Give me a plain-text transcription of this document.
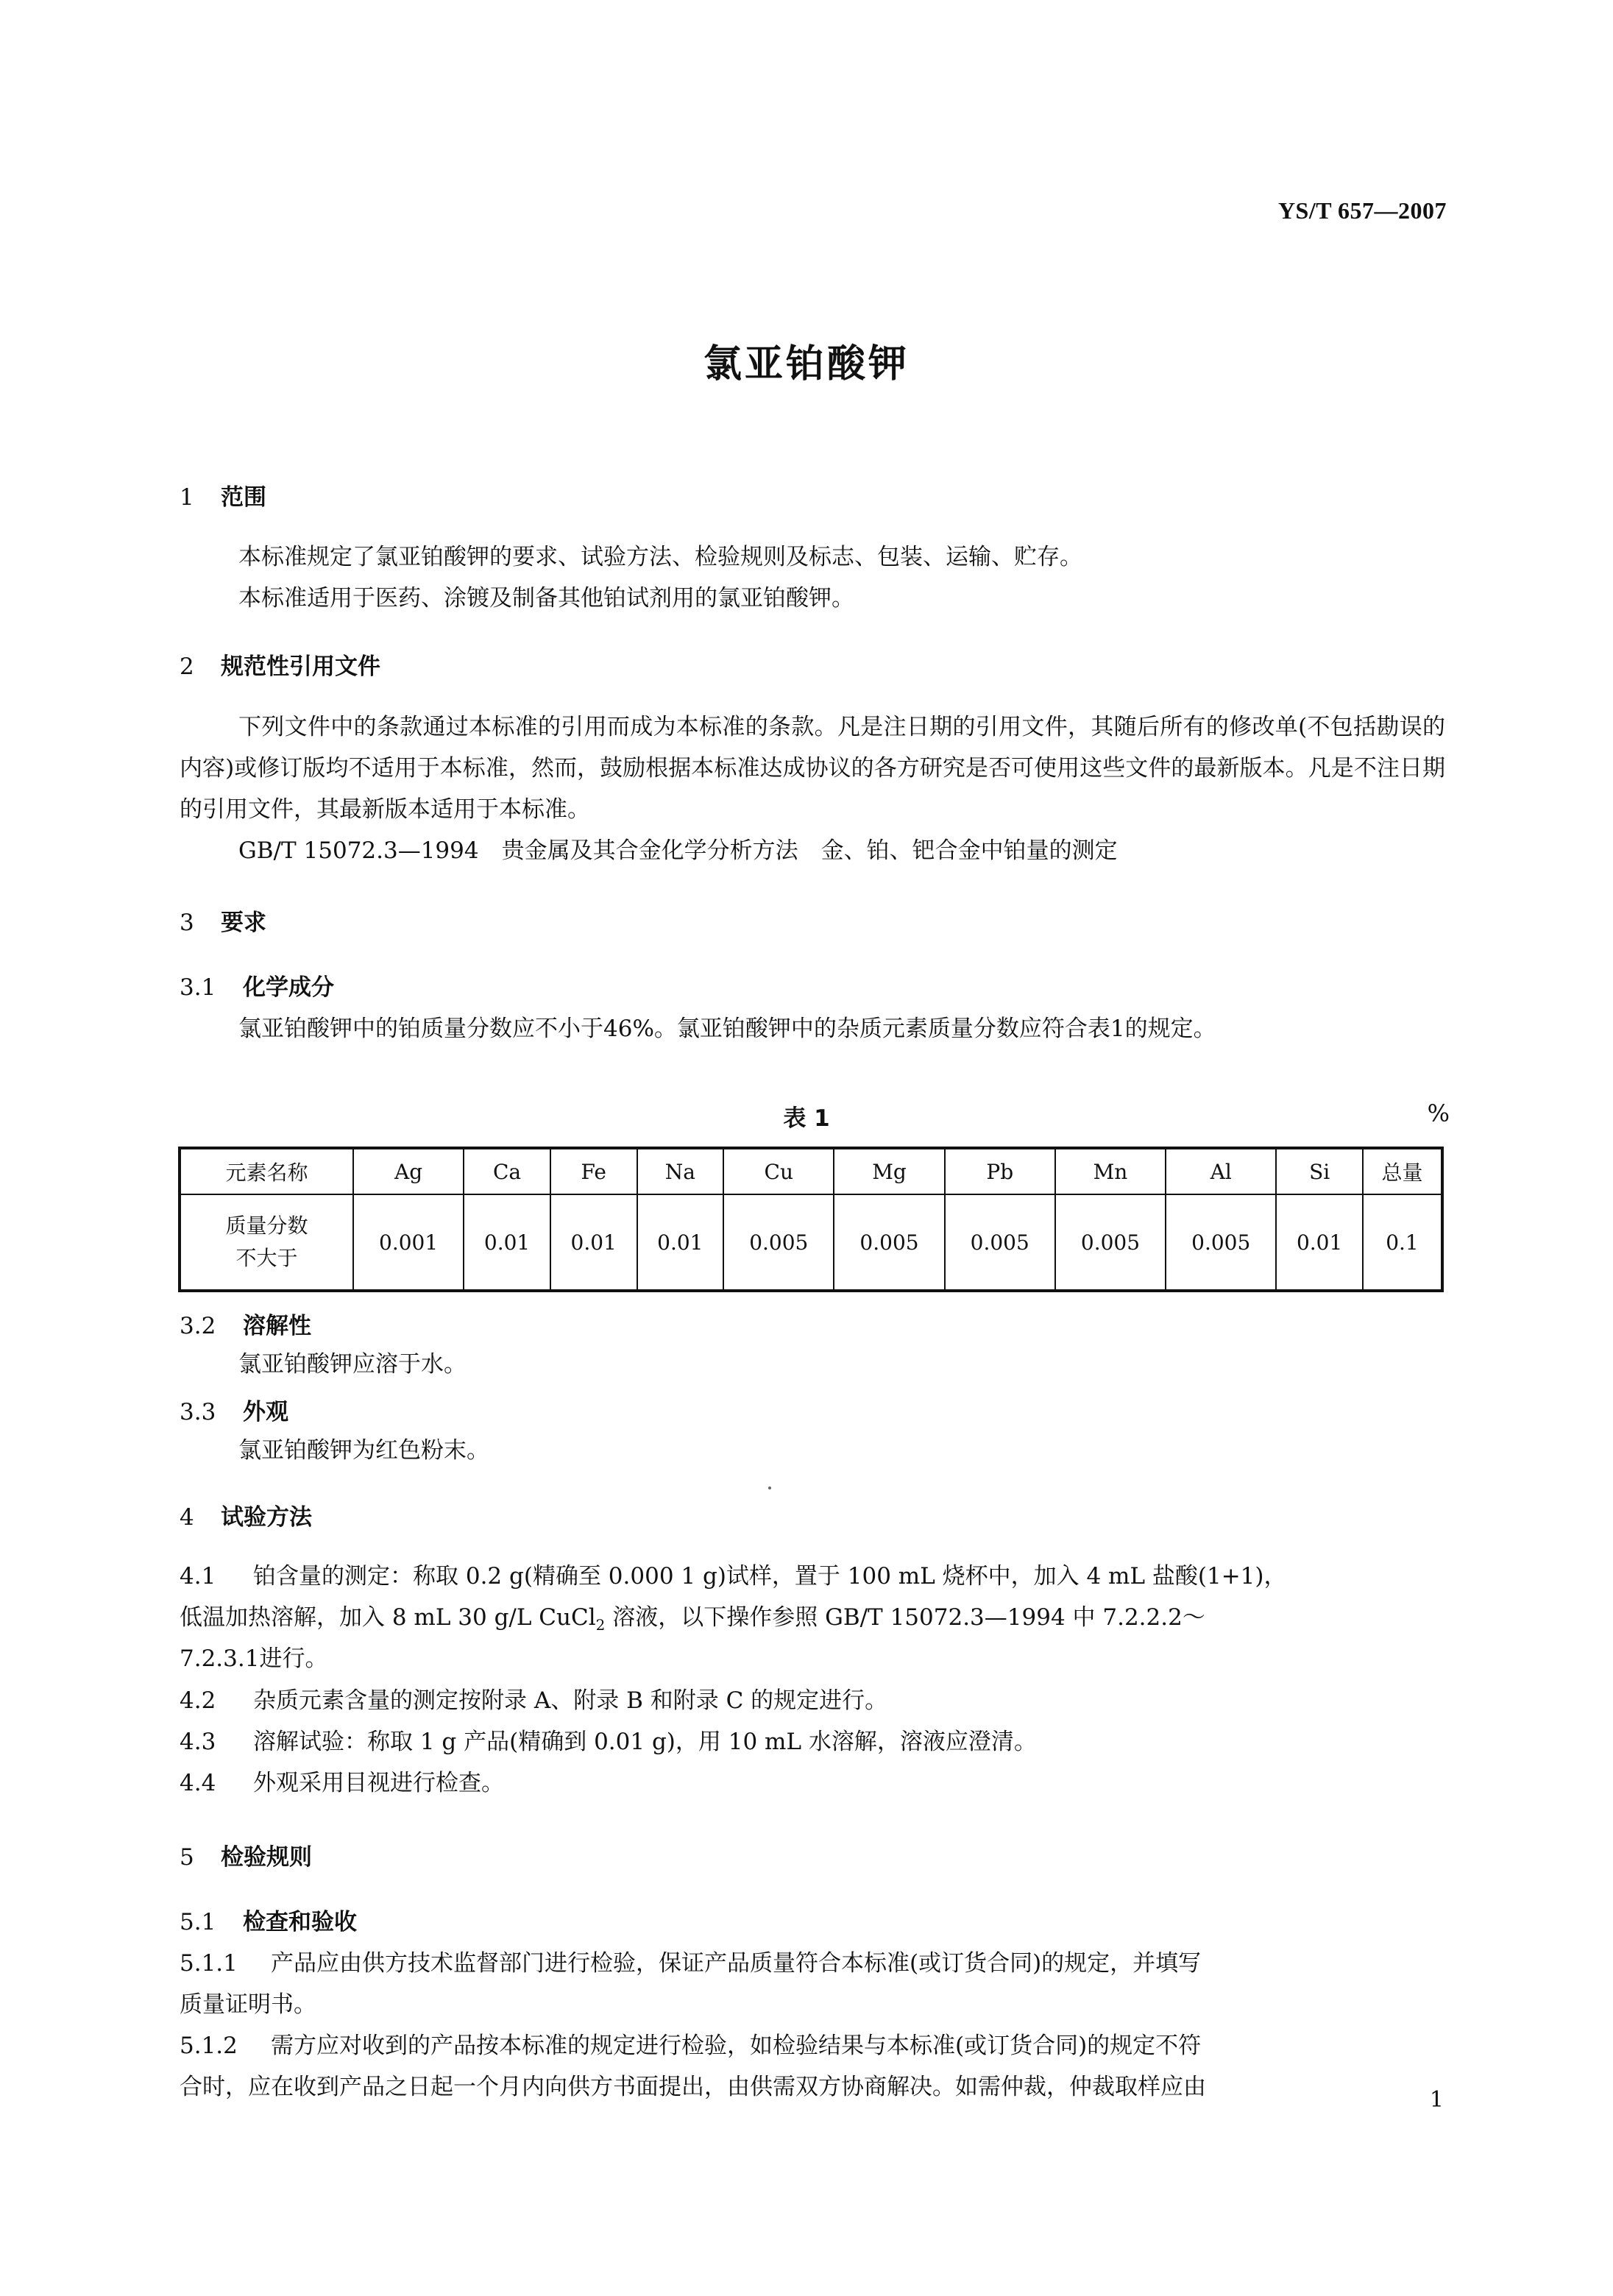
YS/T 657—2007
氯亚铂酸钾
1 范围
本标准规定了氯亚铂酸钾的要求、试验方法、检验规则及标志、包装、运输、贮存。
本标准适用于医药、涂镀及制备其他铂试剂用的氯亚铂酸钾。
2 规范性引用文件
下列文件中的条款通过本标准的引用而成为本标准的条款。凡是注日期的引用文件，其随后所有的修改单(不包括勘误的内容)或修订版均不适用于本标准，然而，鼓励根据本标准达成协议的各方研究是否可使用这些文件的最新版本。凡是不注日期的引用文件，其最新版本适用于本标准。
GB/T 15072.3—1994　贵金属及其合金化学分析方法　金、铂、钯合金中铂量的测定
3 要求
3.1 化学成分
氯亚铂酸钾中的铂质量分数应不小于46%。氯亚铂酸钾中的杂质元素质量分数应符合表1的规定。
表 1	%
元素名称	Ag	Ca	Fe	Na	Cu	Mg	Pb	Mn	Al	Si	总量

质量分数
不大于	0.001	0.01	0.01	0.01	0.005	0.005	0.005	0.005	0.005	0.01	0.1
3.2 溶解性
氯亚铂酸钾应溶于水。
3.3 外观
氯亚铂酸钾为红色粉末。
4 试验方法
4.1 铂含量的测定：称取 0.2 g(精确至 0.000 1 g)试样，置于 100 mL 烧杯中，加入 4 mL 盐酸(1+1)，
低温加热溶解，加入 8 mL 30 g/L CuCl$_2$ 溶液，以下操作参照 GB/T 15072.3—1994 中 7.2.2.2～
7.2.3.1进行。
4.2 杂质元素含量的测定按附录 A、附录 B 和附录 C 的规定进行。
4.3 溶解试验：称取 1 g 产品(精确到 0.01 g)，用 10 mL 水溶解，溶液应澄清。
4.4 外观采用目视进行检查。
5 检验规则
5.1 检查和验收
5.1.1 产品应由供方技术监督部门进行检验，保证产品质量符合本标准(或订货合同)的规定，并填写
质量证明书。
5.1.2 需方应对收到的产品按本标准的规定进行检验，如检验结果与本标准(或订货合同)的规定不符
合时，应在收到产品之日起一个月内向供方书面提出，由供需双方协商解决。如需仲裁，仲裁取样应由	1
